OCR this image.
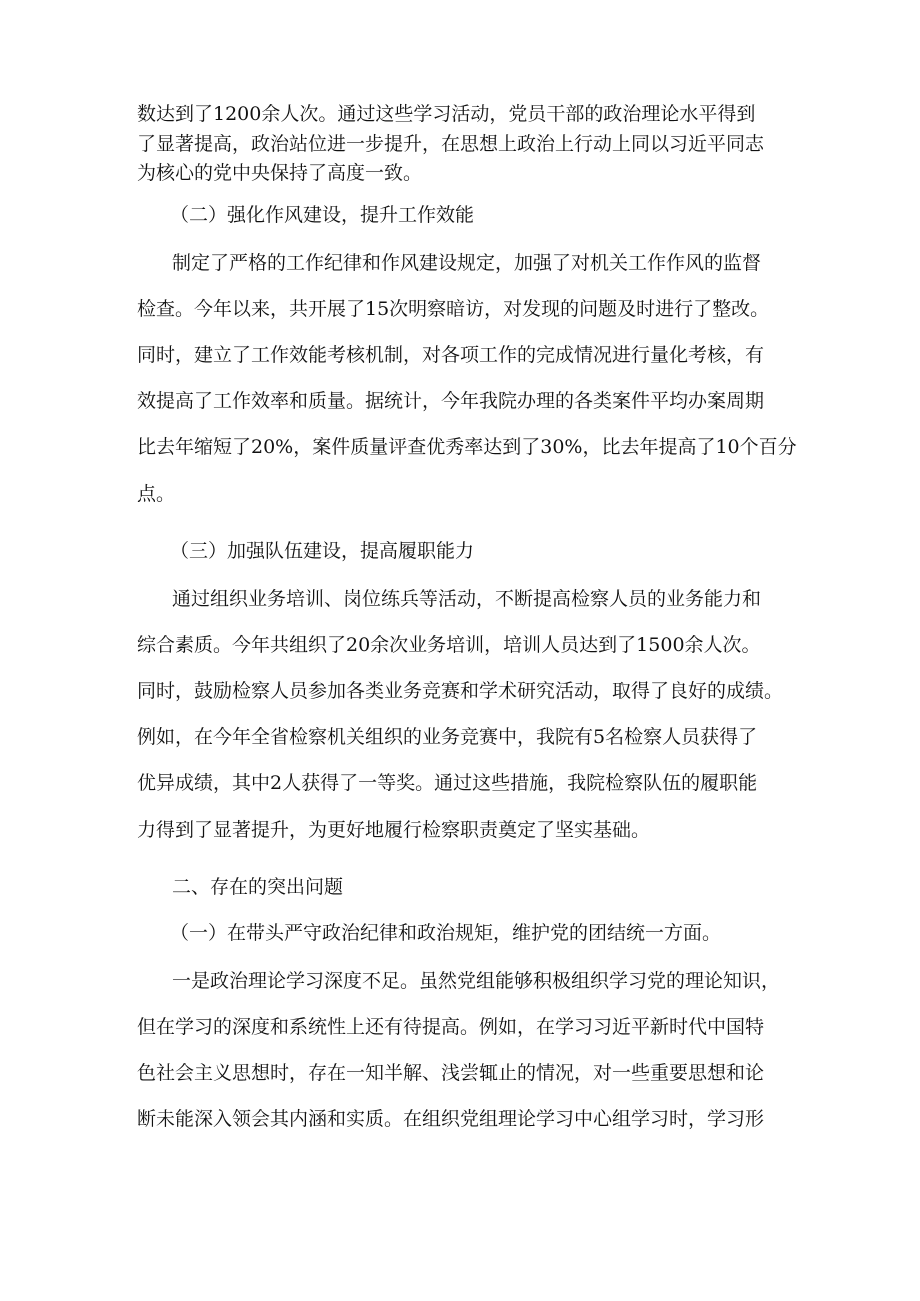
数达到了1200余人次。通过这些学习活动，党员干部的政治理论水平得到

了显著提高，政治站位进一步提升，在思想上政治上行动上同以习近平同志

为核心的党中央保持了高度一致。

（二）强化作风建设，提升工作效能

制定了严格的工作纪律和作风建设规定，加强了对机关工作作风的监督

检查。今年以来，共开展了15次明察暗访，对发现的问题及时进行了整改。

同时，建立了工作效能考核机制，对各项工作的完成情况进行量化考核，有

效提高了工作效率和质量。据统计，今年我院办理的各类案件平均办案周期

比去年缩短了20%，案件质量评查优秀率达到了30%，比去年提高了10个百分

点。

（三）加强队伍建设，提高履职能力

通过组织业务培训、岗位练兵等活动，不断提高检察人员的业务能力和

综合素质。今年共组织了20余次业务培训，培训人员达到了1500余人次。

同时，鼓励检察人员参加各类业务竞赛和学术研究活动，取得了良好的成绩。

例如，在今年全省检察机关组织的业务竞赛中，我院有5名检察人员获得了

优异成绩，其中2人获得了一等奖。通过这些措施，我院检察队伍的履职能

力得到了显著提升，为更好地履行检察职责奠定了坚实基础。

二、存在的突出问题

（一）在带头严守政治纪律和政治规矩，维护党的团结统一方面。

一是政治理论学习深度不足。虽然党组能够积极组织学习党的理论知识，

但在学习的深度和系统性上还有待提高。例如，在学习习近平新时代中国特

色社会主义思想时，存在一知半解、浅尝辄止的情况，对一些重要思想和论

断未能深入领会其内涵和实质。在组织党组理论学习中心组学习时，学习形
